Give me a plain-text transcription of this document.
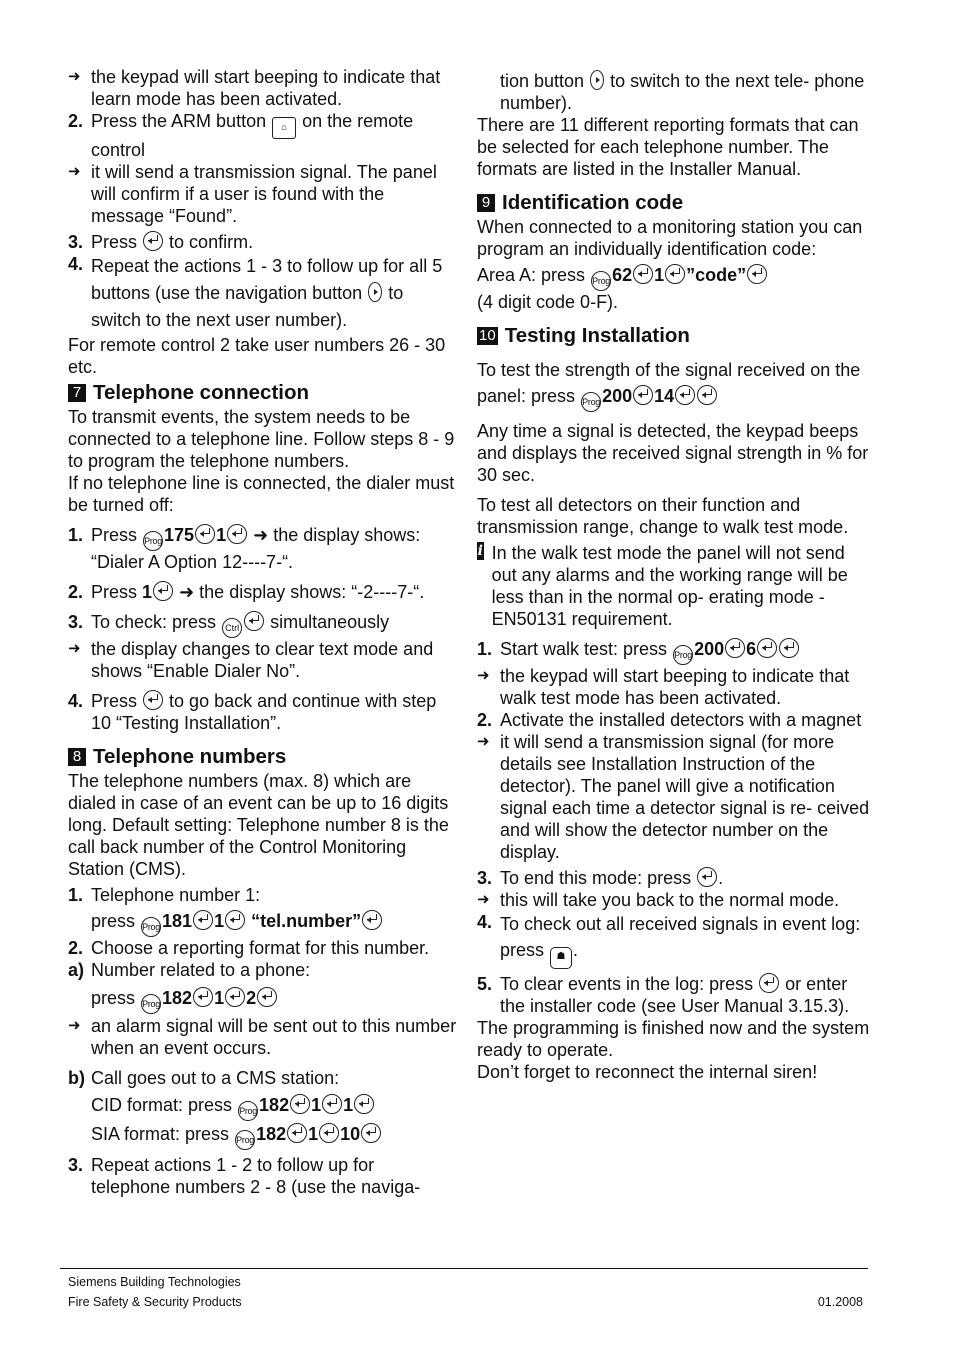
➜ the keypad will start beeping to indicate that learn mode has been activated.
2. Press the ARM button ⌂ on the remote control
➜ it will send a transmission signal. The panel will confirm if a user is found with the message “Found”.
3. Press to confirm.
4. Repeat the actions 1 - 3 to follow up for all 5 buttons (use the navigation button to switch to the next user number).

For remote control 2 take user numbers 26 - 30 etc.

7 Telephone connection

To transmit events, the system needs to be connected to a telephone line. Follow steps 8 - 9 to program the telephone numbers.

If no telephone line is connected, the dialer must be turned off:

1. Press Prog 175 1 ➜ the display shows: “Dialer A Option 12----7-“.
2. Press 1 ➜ the display shows: “-2----7-“.
3. To check: press Ctrl simultaneously
➜ the display changes to clear text mode and shows “Enable Dialer No”.
4. Press to go back and continue with step 10 “Testing Installation”.
8 Telephone numbers

The telephone numbers (max. 8) which are dialed in case of an event can be up to 16 digits long. Default setting: Telephone number 8 is the call back number of the Control Monitoring Station (CMS).

1. Telephone number 1:
press Prog 181 1 “tel.number”
2. Choose a reporting format for this number.
a) Number related to a phone:
press Prog 182 1 2
➜ an alarm signal will be sent out to this number when an event occurs.
b) Call goes out to a CMS station:
CID format: press Prog 182 1 1

SIA format: press Prog 182 1 10
3. Repeat actions 1 - 2 to follow up for telephone numbers 2 - 8 (use the naviga-
tion button to switch to the next tele- phone number).

There are 11 different reporting formats that can be selected for each telephone number. The formats are listed in the Installer Manual.

9 Identification code

When connected to a monitoring station you can program an individually identification code:

Area A: press Prog 62 1 ”code”

(4 digit code 0-F).

10 Testing Installation

To test the strength of the signal received on the panel: press Prog 200 14

Any time a signal is detected, the keypad beeps and displays the received signal strength in % for 30 sec.

To test all detectors on their function and transmission range, change to walk test mode.

i In the walk test mode the panel will not send out any alarms and the working range will be less than in the normal op- erating mode - EN50131 requirement.
1. Start walk test: press Prog 200 6
➜ the keypad will start beeping to indicate that walk test mode has been activated.
2. Activate the installed detectors with a magnet
➜ it will send a transmission signal (for more details see Installation Instruction of the detector). The panel will give a notification signal each time a detector signal is re- ceived and will show the detector number on the display.
3. To end this mode: press .
➜ this will take you back to the normal mode.
4. To check out all received signals in event log: press ☗ .
5. To clear events in the log: press or enter the installer code (see User Manual 3.15.3).

The programming is finished now and the system ready to operate.

Don’t forget to reconnect the internal siren!

Siemens Building Technologies
Fire Safety & Security Products	01.2008
